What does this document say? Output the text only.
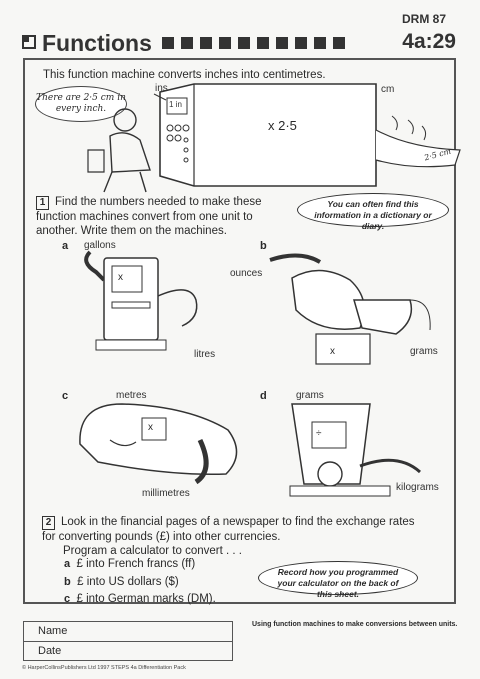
DRM 87
Functions	4a:29
This function machine converts inches into centimetres.
There are 2·5 cm in every inch.
ins	cm
1 in
x 2·5
2·5 cm
1 Find the numbers needed to make these function machines convert from one unit to another. Write them on the machines.
You can often find this information in a dictionary or diary.
a gallons
litres
x
b
ounces
grams
x
c	metres
millimetres
x
d	grams
kilograms
÷
2 Look in the financial pages of a newspaper to find the exchange rates for converting pounds (£) into other currencies.
Program a calculator to convert . . .
a £ into French francs (ff)
b £ into US dollars ($)
c £ into German marks (DM).
Record how you programmed your calculator on the back of this sheet.
Name
Date
Using function machines to make conversions between units.
© HarperCollinsPublishers Ltd 1997 STEPS 4a Differentiation Pack
